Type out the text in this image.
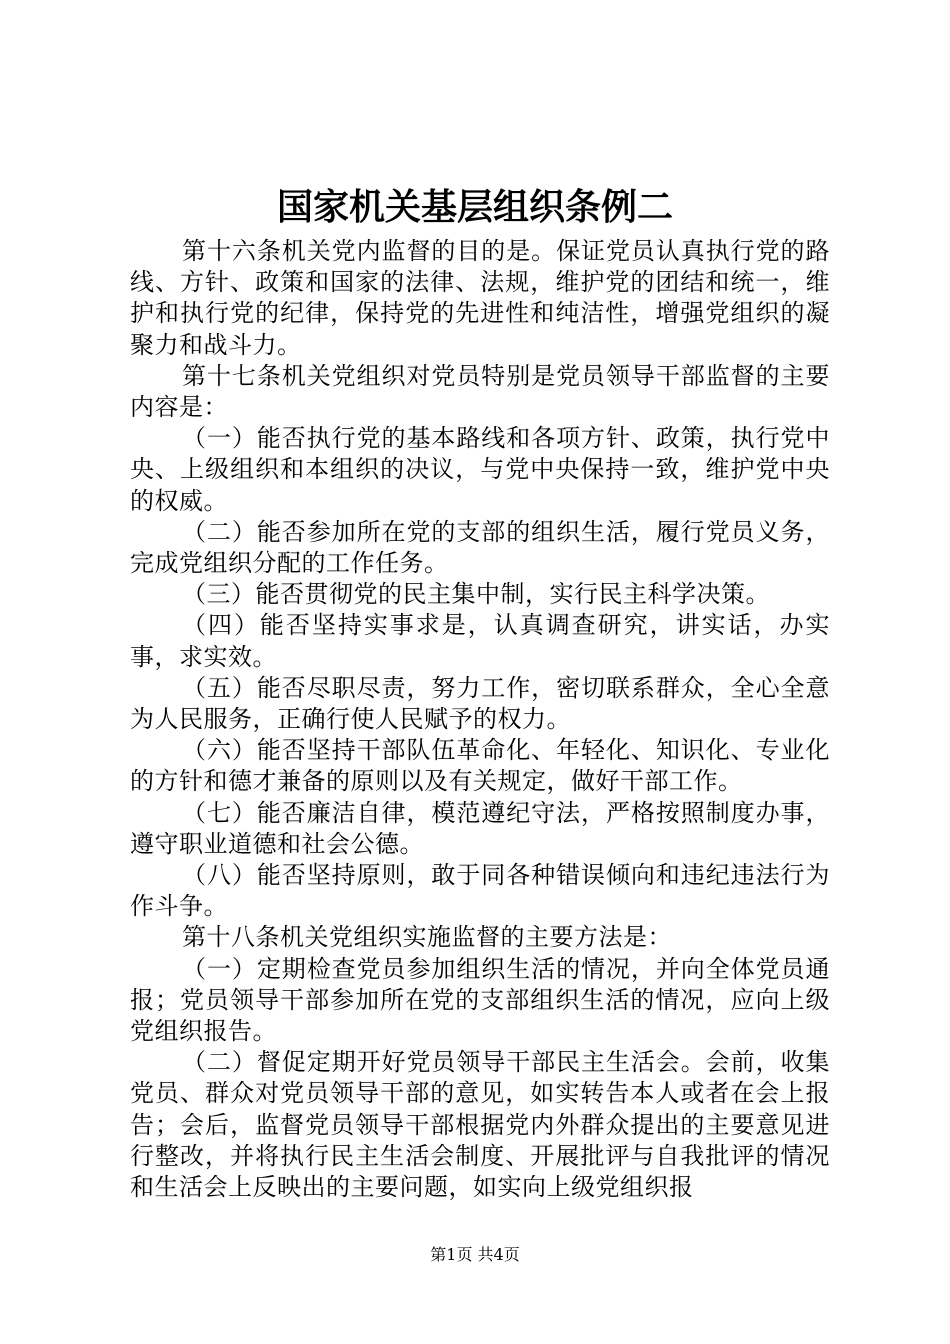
国家机关基层组织条例二

第十六条机关党内监督的目的是。保证党员认真执行党的路线、方针、政策和国家的法律、法规，维护党的团结和统一，维护和执行党的纪律，保持党的先进性和纯洁性，增强党组织的凝聚力和战斗力。

第十七条机关党组织对党员特别是党员领导干部监督的主要内容是：

（一）能否执行党的基本路线和各项方针、政策，执行党中央、上级组织和本组织的决议，与党中央保持一致，维护党中央的权威。

（二）能否参加所在党的支部的组织生活，履行党员义务，完成党组织分配的工作任务。

（三）能否贯彻党的民主集中制，实行民主科学决策。

（四）能否坚持实事求是，认真调查研究，讲实话，办实事，求实效。

（五）能否尽职尽责，努力工作，密切联系群众，全心全意为人民服务，正确行使人民赋予的权力。

（六）能否坚持干部队伍革命化、年轻化、知识化、专业化的方针和德才兼备的原则以及有关规定，做好干部工作。

（七）能否廉洁自律，模范遵纪守法，严格按照制度办事，遵守职业道德和社会公德。

（八）能否坚持原则，敢于同各种错误倾向和违纪违法行为作斗争。

第十八条机关党组织实施监督的主要方法是：

（一）定期检查党员参加组织生活的情况，并向全体党员通报；党员领导干部参加所在党的支部组织生活的情况，应向上级党组织报告。

（二）督促定期开好党员领导干部民主生活会。会前，收集党员、群众对党员领导干部的意见，如实转告本人或者在会上报告；会后，监督党员领导干部根据党内外群众提出的主要意见进行整改，并将执行民主生活会制度、开展批评与自我批评的情况和生活会上反映出的主要问题，如实向上级党组织报

第1页 共4页
